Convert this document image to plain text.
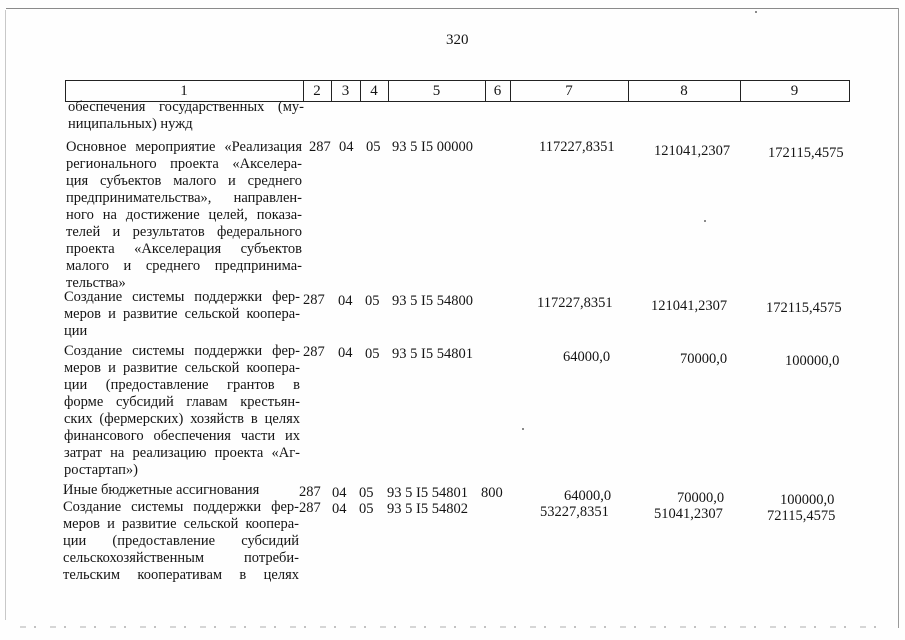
320
1	2	3	4	5	6	7	8	9
обеспечения государственных (му-
ниципальных) нужд
Основное мероприятие «Реализация
регионального проекта «Акселера-
ция субъектов малого и среднего
предпринимательства», направлен-
ного на достижение целей, показа-
телей и результатов федерального
проекта «Акселерация субъектов
малого и среднего предпринима-
тельства»
287 04 05 93 5 I5 00000	117227,8351	121041,2307	172115,4575
Создание системы поддержки фер-
меров и развитие сельской коопера-
ции
287 04 05 93 5 I5 54800	117227,8351	121041,2307	172115,4575
Создание системы поддержки фер-
меров и развитие сельской коопера-
ции (предоставление грантов в
форме субсидий главам крестьян-
ских (фермерских) хозяйств в целях
финансового обеспечения части их
затрат на реализацию проекта «Аг-
ростартап»)
287 04 05 93 5 I5 54801	64000,0	70000,0	100000,0
Иные бюджетные ассигнования	287 04 05 93 5 I5 54801 800	64000,0	70000,0	100000,0
Создание системы поддержки фер-
меров и развитие сельской коопера-
ции (предоставление субсидий
сельскохозяйственным потреби-
тельским кооперативам в целях
287 04 05 93 5 I5 54802	53227,8351	51041,2307	72115,4575
